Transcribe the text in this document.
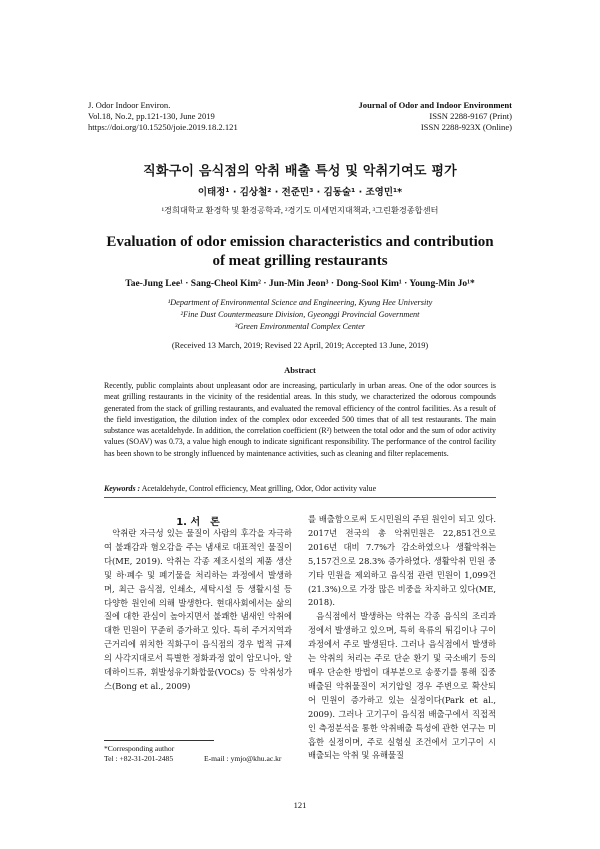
J. Odor Indoor Environ.
Vol.18, No.2, pp.121-130, June 2019
https://doi.org/10.15250/joie.2019.18.2.121
Journal of Odor and Indoor Environment
ISSN 2288-9167 (Print)
ISSN 2288-923X (Online)
직화구이 음식점의 악취 배출 특성 및 악취기여도 평가
이태정¹ · 김상철² · 전준민³ · 김동술¹ · 조영민¹*
¹경희대학교 환경학 및 환경공학과, ²경기도 미세먼지대책과, ³그린환경종합센터
Evaluation of odor emission characteristics and contribution
of meat grilling restaurants
Tae-Jung Lee¹ · Sang-Cheol Kim² · Jun-Min Jeon³ · Dong-Sool Kim¹ · Young-Min Jo¹*
¹Department of Environmental Science and Engineering, Kyung Hee University
²Fine Dust Countermeasure Division, Gyeonggi Provincial Government
³Green Environmental Complex Center
(Received 13 March, 2019; Revised 22 April, 2019; Accepted 13 June, 2019)
Abstract
Recently, public complaints about unpleasant odor are increasing, particularly in urban areas. One of the odor sources is meat grilling restaurants in the vicinity of the residential areas. In this study, we characterized the odorous compounds generated from the stack of grilling restaurants, and evaluated the removal efficiency of the control facilities. As a result of the field investigation, the dilution index of the complex odor exceeded 500 times that of all test restaurants. The main substance was acetaldehyde. In addition, the correlation coefficient (R²) between the total odor and the sum of odor activity values (SOAV) was 0.73, a value high enough to indicate significant responsibility. The performance of the control facility has been shown to be strongly influenced by maintenance activities, such as cleaning and filter replacements.
Keywords : Acetaldehyde, Control efficiency, Meat grilling, Odor, Odor activity value
1. 서　론

악취란 자극성 있는 물질이 사람의 후각을 자극하여 불쾌감과 혐오감을 주는 냄새로 대표적인 물질이다(ME, 2019). 악취는 각종 제조시설의 제품 생산 및 하·폐수 및 폐기물을 처리하는 과정에서 발생하며, 최근 음식점, 인쇄소, 세탁시설 등 생활시설 등 다양한 원인에 의해 발생한다. 현대사회에서는 삶의 질에 대한 관심이 높아지면서 불쾌한 냄새인 악취에 대한 민원이 꾸준히 증가하고 있다. 특히 주거지역과 근거리에 위치한 직화구이 음식점의 경우 법적 규제의 사각지대로서 특별한 정화과정 없이 암모니아, 알데하이드류, 휘발성유기화합물(VOCs) 등 악취성가스(Bong et al., 2009)

를 배출함으로써 도시민원의 주된 원인이 되고 있다. 2017년 전국의 총 악취민원은 22,851건으로 2016년 대비 7.7%가 감소하였으나 생활악취는 5,157건으로 28.3% 증가하였다. 생활악취 민원 중 기타 민원을 제외하고 음식점 관련 민원이 1,099건(21.3%)으로 가장 많은 비중을 차지하고 있다(ME, 2018).

음식점에서 발생하는 악취는 각종 음식의 조리과정에서 발생하고 있으며, 특히 육류의 튀김이나 구이과정에서 주로 발생된다. 그러나 음식점에서 발생하는 악취의 처리는 주로 단순 환기 및 국소배기 등의 매우 단순한 방법이 대부분으로 송풍기를 통해 집중배출된 악취물질이 저기압일 경우 주변으로 확산되어 민원이 증가하고 있는 실정이다(Park et al., 2009). 그러나 고기구이 음식점 배출구에서 직접적인 측정분석을 통한 악취배출 특성에 관한 연구는 미흡한 실정이며, 주로 실험실 조건에서 고기구이 시 배출되는 악취 및 유해물질

*Corresponding author
Tel : +82-31-201-2485	E-mail : ymjo@khu.ac.kr
121
